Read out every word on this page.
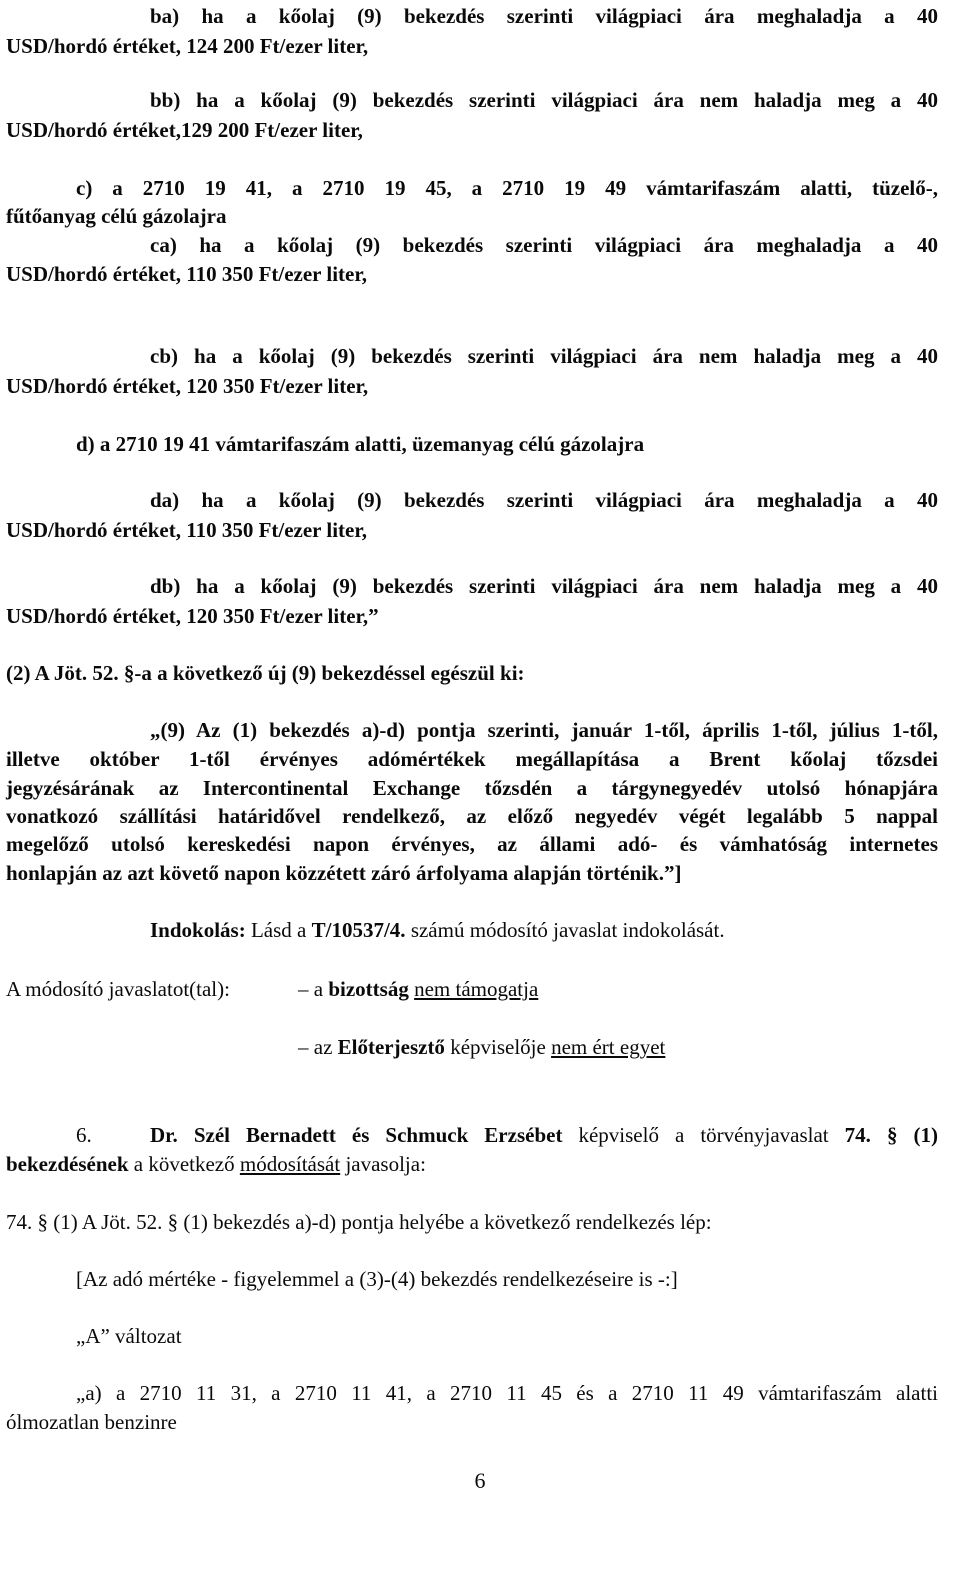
ba) ha a kőolaj (9) bekezdés szerinti világpiaci ára meghaladja a 40
USD/hordó értéket, 124 200 Ft/ezer liter,
bb) ha a kőolaj (9) bekezdés szerinti világpiaci ára nem haladja meg a 40
USD/hordó értéket,129 200 Ft/ezer liter,
c) a 2710 19 41, a 2710 19 45, a 2710 19 49 vámtarifaszám alatti, tüzelő-,
fűtőanyag célú gázolajra
ca) ha a kőolaj (9) bekezdés szerinti világpiaci ára meghaladja a 40
USD/hordó értéket, 110 350 Ft/ezer liter,
cb) ha a kőolaj (9) bekezdés szerinti világpiaci ára nem haladja meg a 40
USD/hordó értéket, 120 350 Ft/ezer liter,
d) a 2710 19 41 vámtarifaszám alatti, üzemanyag célú gázolajra
da) ha a kőolaj (9) bekezdés szerinti világpiaci ára meghaladja a 40
USD/hordó értéket, 110 350 Ft/ezer liter,
db) ha a kőolaj (9) bekezdés szerinti világpiaci ára nem haladja meg a 40
USD/hordó értéket, 120 350 Ft/ezer liter,”
(2) A Jöt. 52. §-a a következő új (9) bekezdéssel egészül ki:
„(9) Az (1) bekezdés a)-d) pontja szerinti, január 1-től, április 1-től, július 1-től,
illetve október 1-től érvényes adómértékek megállapítása a Brent kőolaj tőzsdei
jegyzésárának az Intercontinental Exchange tőzsdén a tárgynegyedév utolsó hónapjára
vonatkozó szállítási határidővel rendelkező, az előző negyedév végét legalább 5 nappal
megelőző utolsó kereskedési napon érvényes, az állami adó- és vámhatóság internetes
honlapján az azt követő napon közzétett záró árfolyama alapján történik.”]
Indokolás: Lásd a T/10537/4. számú módosító javaslat indokolását.
A módosító javaslatot(tal):	– a bizottság nem támogatja
– az Előterjesztő képviselője nem ért egyet
6.	Dr. Szél Bernadett és Schmuck Erzsébet képviselő a törvényjavaslat 74. § (1)
bekezdésének a következő módosítását javasolja:
74. § (1) A Jöt. 52. § (1) bekezdés a)-d) pontja helyébe a következő rendelkezés lép:
[Az adó mértéke - figyelemmel a (3)-(4) bekezdés rendelkezéseire is -:]
„A” változat
„a) a 2710 11 31, a 2710 11 41, a 2710 11 45 és a 2710 11 49 vámtarifaszám alatti
ólmozatlan benzinre
6
